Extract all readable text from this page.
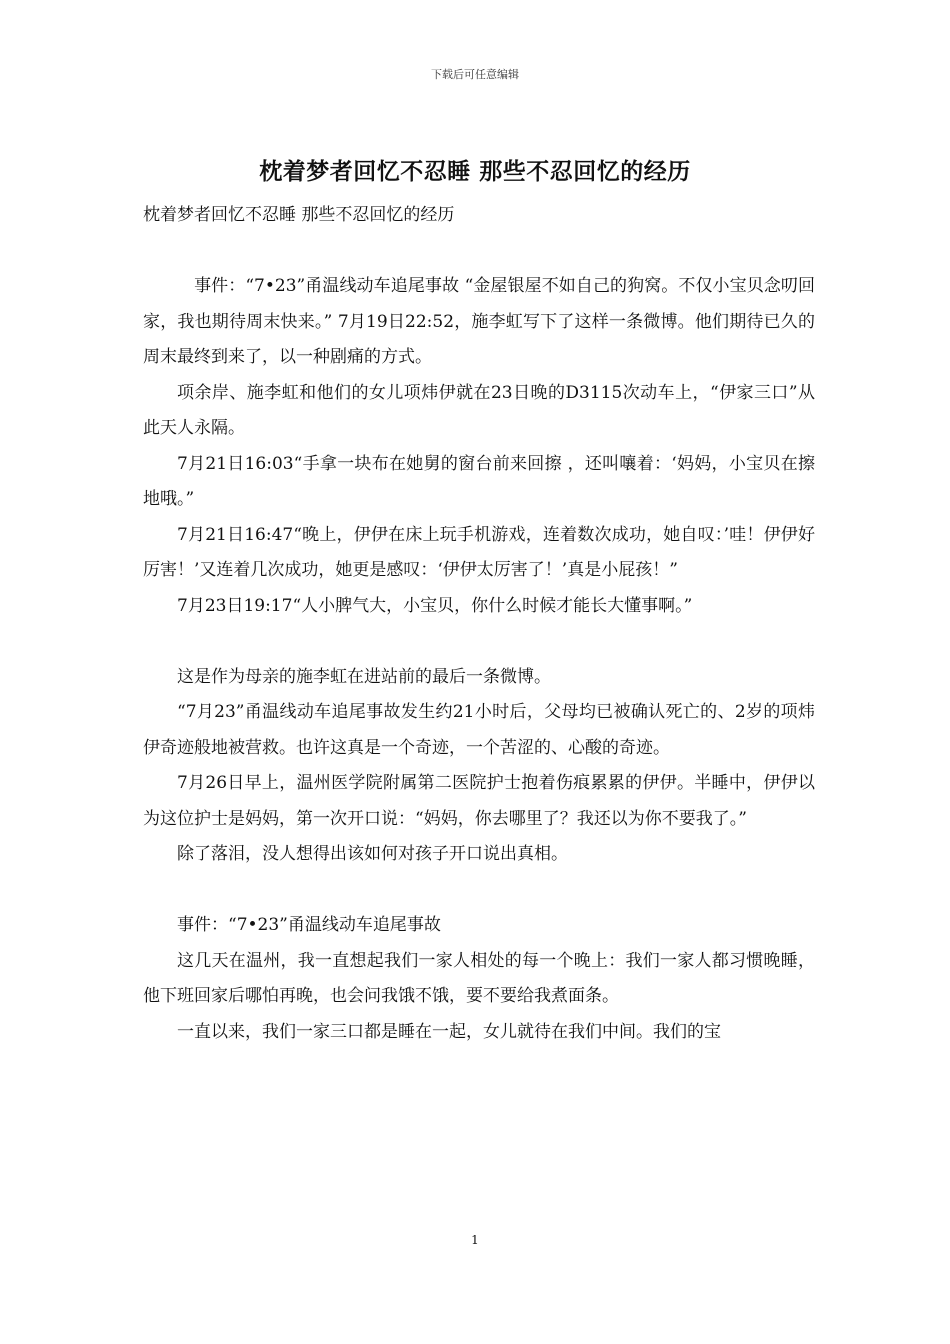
下载后可任意编辑
枕着梦者回忆不忍睡 那些不忍回忆的经历

枕着梦者回忆不忍睡 那些不忍回忆的经历

　事件：“7•23”甬温线动车追尾事故 “金屋银屋不如自己的狗窝。不仅小宝贝念叨回家，我也期待周末快来。” 7月19日22:52，施李虹写下了这样一条微博。他们期待已久的周末最终到来了，以一种剧痛的方式。

项余岸、施李虹和他们的女儿项炜伊就在23日晚的D3115次动车上，“伊家三口”从此天人永隔。

7月21日16:03“手拿一块布在她舅的窗台前来回擦 ，还叫嚷着：‘妈妈，小宝贝在擦地哦。”

7月21日16:47“晚上，伊伊在床上玩手机游戏，连着数次成功，她自叹：’哇！伊伊好厉害！’又连着几次成功，她更是感叹：‘伊伊太厉害了！’真是小屁孩！”

7月23日19:17“人小脾气大，小宝贝，你什么时候才能长大懂事啊。”

这是作为母亲的施李虹在进站前的最后一条微博。

“7月23”甬温线动车追尾事故发生约21小时后，父母均已被确认死亡的、2岁的项炜伊奇迹般地被营救。也许这真是一个奇迹，一个苦涩的、心酸的奇迹。

7月26日早上，温州医学院附属第二医院护士抱着伤痕累累的伊伊。半睡中，伊伊以为这位护士是妈妈，第一次开口说：“妈妈，你去哪里了？我还以为你不要我了。”

除了落泪，没人想得出该如何对孩子开口说出真相。

事件：“7•23”甬温线动车追尾事故

这几天在温州，我一直想起我们一家人相处的每一个晚上：我们一家人都习惯晚睡，他下班回家后哪怕再晚，也会问我饿不饿，要不要给我煮面条。

一直以来，我们一家三口都是睡在一起，女儿就待在我们中间。我们的宝

1
